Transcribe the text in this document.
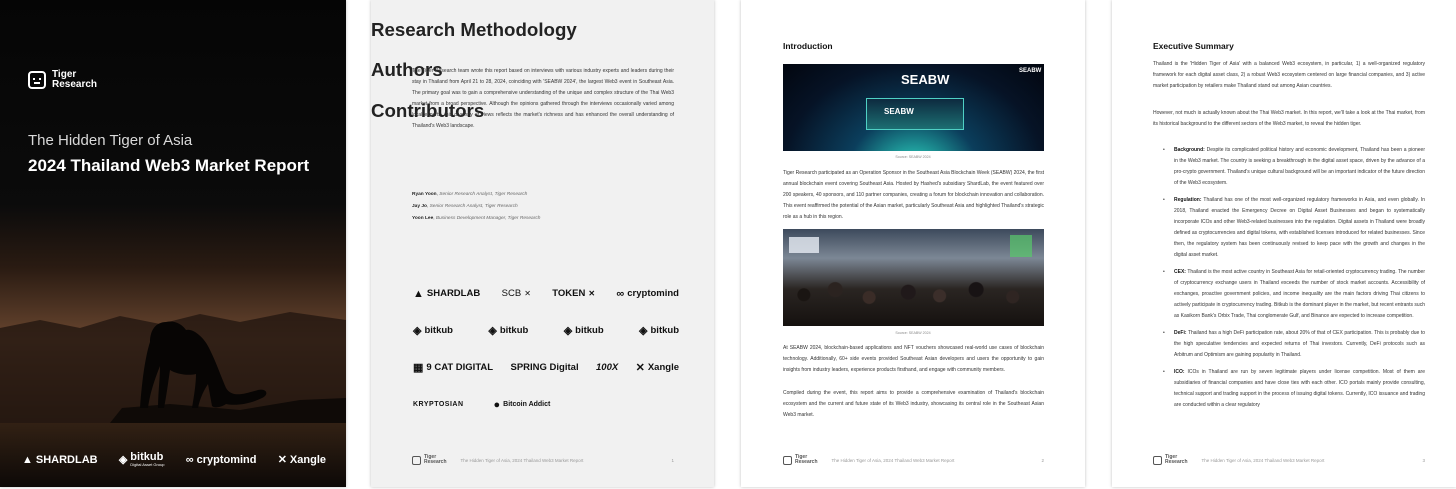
Tiger
Research
The Hidden Tiger of Asia
2024 Thailand Web3 Market Report
▲ SHARDLAB ◈ bitkub
Digital Asset Group ∞ cryptomind ✕ Xangle
Research Methodology

The Tiger Research team wrote this report based on interviews with various industry experts and leaders during their stay in Thailand from April 21 to 28, 2024, coinciding with 'SEABW 2024', the largest Web3 event in Southeast Asia. The primary goal was to gain a comprehensive understanding of the unique and complex structure of the Thai Web3 market from a broad perspective. Although the opinions gathered through the interviews occasionally varied among local experts, this diversity of views reflects the market's richness and has enhanced the overall understanding of Thailand's Web3 landscape.

Authors
Ryan Yoon, Senior Research Analyst, Tiger Research
Jay Jo, Senior Research Analyst, Tiger Research
Yoon Lee, Business Development Manager, Tiger Research
Contributors
▲ SHARDLAB SCB ✕ TOKEN ✕ ∞ cryptomind
◈ bitkub	◈ bitkub	◈ bitkub	◈ bitkub
▦ 9 CAT DIGITAL SPRING Digital 100X ✕ Xangle
KRYPTOSIAN	● Bitcoin Addict
Tiger
Research	The Hidden Tiger of Asia, 2024 Thailand Web3 Market Report	1
Introduction
SEABW
SEABW
SEABW
Source: SEABW 2024

Tiger Research participated as an Operation Sponsor in the Southeast Asia Blockchain Week (SEABW) 2024, the first annual blockchain event covering Southeast Asia. Hosted by Hashed's subsidiary ShardLab, the event featured over 200 speakers, 40 sponsors, and 110 partner companies, creating a forum for blockchain innovation and collaboration. This event reaffirmed the potential of the Asian market, particularly Southeast Asia and highlighted Thailand's strategic role as a hub in this region.

Source: SEABW 2024

At SEABW 2024, blockchain-based applications and NFT vouchers showcased real-world use cases of blockchain technology. Additionally, 60+ side events provided Southeast Asian developers and users the opportunity to gain insights from industry leaders, experience products firsthand, and engage with community members.

Compiled during the event, this report aims to provide a comprehensive examination of Thailand's blockchain ecosystem and the current and future state of its Web3 industry, showcasing its central role in the Southeast Asian Web3 market.

Tiger
Research	The Hidden Tiger of Asia, 2024 Thailand Web3 Market Report	2
Executive Summary

Thailand is the 'Hidden Tiger of Asia' with a balanced Web3 ecosystem, in particular, 1) a well-organized regulatory framework for each digital asset class, 2) a robust Web3 ecosystem centered on large financial companies, and 3) active market participation by retailers make Thailand stand out among Asian countries.

However, not much is actually known about the Thai Web3 market. In this report, we'll take a look at the Thai market, from its historical background to the different sectors of the Web3 market, to reveal the hidden tiger.

• Background: Despite its complicated political history and economic development, Thailand has been a pioneer in the Web3 market. The country is seeking a breakthrough in the digital asset space, driven by the advance of a pro-crypto government. Thailand's unique cultural background will be an important indicator of the future direction of the Web3 ecosystem.
• Regulation: Thailand has one of the most well-organized regulatory frameworks in Asia, and even globally. In 2018, Thailand enacted the Emergency Decree on Digital Asset Businesses and began to systematically incorporate ICOs and other Web3-related businesses into the regulation. Digital assets in Thailand were broadly defined as cryptocurrencies and digital tokens, with established licenses introduced for related businesses. Since then, the regulatory system has been continuously revised to keep pace with the growth and changes in the digital asset market.
• CEX: Thailand is the most active country in Southeast Asia for retail-oriented cryptocurrency trading. The number of cryptocurrency exchange users in Thailand exceeds the number of stock market accounts. Accessibility of exchanges, proactive government policies, and income inequality are the main factors driving Thai citizens to actively participate in cryptocurrency trading. Bitkub is the dominant player in the market, but recent entrants such as Kasikorn Bank's Orbix Trade, Thai conglomerate Gulf, and Binance are expected to increase competition.
• DeFi: Thailand has a high DeFi participation rate, about 20% of that of CEX participation. This is probably due to the high speculative tendencies and expected returns of Thai investors. Currently, DeFi protocols such as Arbitrum and Optimism are gaining popularity in Thailand.
• ICO: ICOs in Thailand are run by seven legitimate players under license competition. Most of them are subsidiaries of financial companies and have close ties with each other. ICO portals mainly provide consulting, technical support and trading support in the process of issuing digital tokens. Currently, ICO issuance and trading are conducted within a clear regulatory
Tiger
Research	The Hidden Tiger of Asia, 2024 Thailand Web3 Market Report	3
